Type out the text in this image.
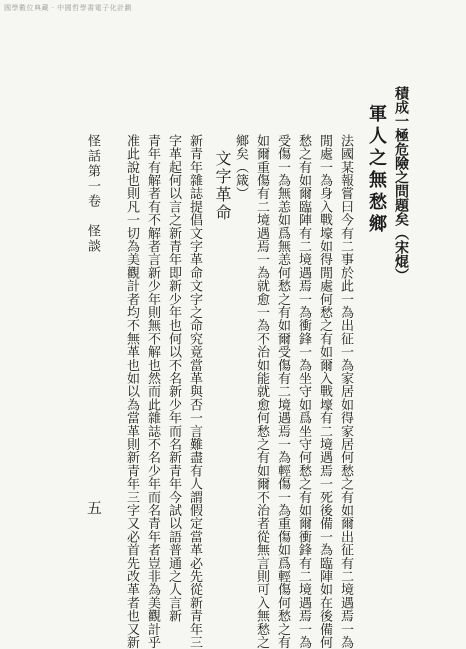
國學數位典藏 · 中國哲學書電子化計劃
積成一極危險之問題矣（宋焜）
軍人之無愁鄉
法國某報嘗曰今有二事於此一為出征一為家居如得家居何愁之有如爾出征有二境遇焉一為
閒處一為身入戰壕如得閒處何愁之有如爾入戰壕有二境遇焉一死後備一為臨陣如在後備何
愁之有如爾臨陣有二境遇焉一為衝鋒一為坐守如爲坐守何愁之有如爾衝鋒有二境遇焉一為
受傷一為無恙如爲無恙何愁之有如爾受傷有二境遇焉一為輕傷一為重傷如爲輕傷何愁之有
如爾重傷有二境遇焉一為就愈一為不治如能就愈何愁之有如爾不治者從無言則可入無愁之
鄉矣（箴）
文字革命
新青年雜誌提倡文字革命文字之命究竟當革與否一言難盡有人謂假定當革必先從新青年三
字革起何以言之新青年即新少年也何以不名新少年而名新青年今試以語普通之人言新
青年有解者有不解者言新少年則無不解也然而此雜誌不名少年而名青年者豈非為美觀計乎
准此說也則凡一切為美觀計者均不無革也如以為當革則新青年三字又必首先改革者也又新
怪話第一卷　怪談
五
